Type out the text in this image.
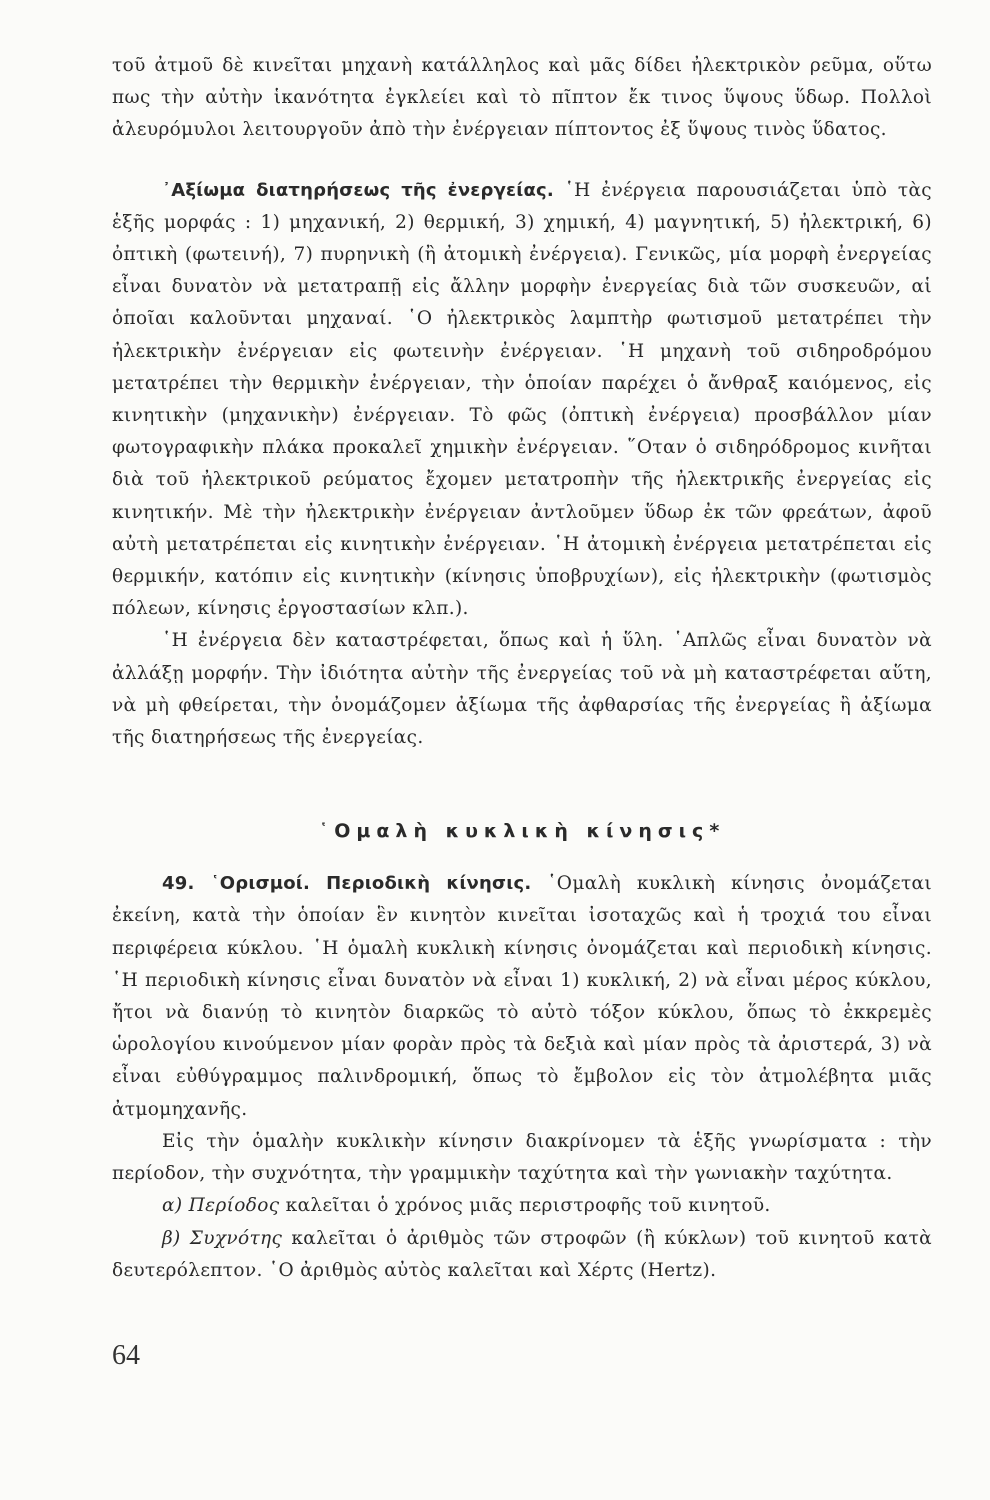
τοῦ ἀτμοῦ δὲ κινεῖται μηχανὴ κατάλληλος καὶ μᾶς δίδει ἠλεκτρικὸν ρεῦμα, οὕτω πως τὴν αὐτὴν ἱκανότητα ἐγκλείει καὶ τὸ πῖπτον ἔκ τινος ὕψους ὕδωρ. Πολλοὶ ἀλευρόμυλοι λειτουργοῦν ἀπὸ τὴν ἐνέργειαν πίπτοντος ἐξ ὕψους τινὸς ὕδατος.

᾿Αξίωμα διατηρήσεως τῆς ἐνεργείας. ῾Η ἐνέργεια παρουσιάζεται ὑπὸ τὰς ἑξῆς μορφάς : 1) μηχανική, 2) θερμική, 3) χημική, 4) μαγνητική, 5) ἠλεκτρική, 6) ὀπτικὴ (φωτεινή), 7) πυρηνικὴ (ἢ ἀτομικὴ ἐνέργεια). Γενικῶς, μία μορφὴ ἐνεργείας εἶναι δυνατὸν νὰ μετατραπῇ εἰς ἄλλην μορφὴν ἐνεργείας διὰ τῶν συσκευῶν, αἱ ὁποῖαι καλοῦνται μηχαναί. ῾Ο ἠλεκτρικὸς λαμπτὴρ φωτισμοῦ μετατρέπει τὴν ἠλεκτρικὴν ἐνέργειαν εἰς φωτεινὴν ἐνέργειαν. ῾Η μηχανὴ τοῦ σιδηροδρόμου μετατρέπει τὴν θερμικὴν ἐνέργειαν, τὴν ὁποίαν παρέχει ὁ ἄνθραξ καιόμενος, εἰς κινητικὴν (μηχανικὴν) ἐνέργειαν. Τὸ φῶς (ὀπτικὴ ἐνέργεια) προσβάλλον μίαν φωτογραφικὴν πλάκα προκαλεῖ χημικὴν ἐνέργειαν. ῞Οταν ὁ σιδηρόδρομος κινῆται διὰ τοῦ ἠλεκτρικοῦ ρεύματος ἔχομεν μετατροπὴν τῆς ἠλεκτρικῆς ἐνεργείας εἰς κινητικήν. Μὲ τὴν ἠλεκτρικὴν ἐνέργειαν ἀντλοῦμεν ὕδωρ ἐκ τῶν φρεάτων, ἀφοῦ αὐτὴ μετατρέπεται εἰς κινητικὴν ἐνέργειαν. ῾Η ἀτομικὴ ἐνέργεια μετατρέπεται εἰς θερμικήν, κατόπιν εἰς κινητικὴν (κίνησις ὑποβρυχίων), εἰς ἠλεκτρικὴν (φωτισμὸς πόλεων, κίνησις ἐργοστασίων κλπ.).

῾Η ἐνέργεια δὲν καταστρέφεται, ὅπως καὶ ἡ ὕλη. ῾Απλῶς εἶναι δυνατὸν νὰ ἀλλάξῃ μορφήν. Τὴν ἰδιότητα αὐτὴν τῆς ἐνεργείας τοῦ νὰ μὴ καταστρέφεται αὕτη, νὰ μὴ φθείρεται, τὴν ὀνομάζομεν ἀξίωμα τῆς ἀφθαρσίας τῆς ἐνεργείας ἢ ἀξίωμα τῆς διατηρήσεως τῆς ἐνεργείας.

῾Ομαλὴ κυκλικὴ κίνησις*

49. ῾Ορισμοί. Περιοδικὴ κίνησις. ῾Ομαλὴ κυκλικὴ κίνησις ὀνομάζεται ἐκείνη, κατὰ τὴν ὁποίαν ἓν κινητὸν κινεῖται ἰσοταχῶς καὶ ἡ τροχιά του εἶναι περιφέρεια κύκλου. ῾Η ὁμαλὴ κυκλικὴ κίνησις ὀνομάζεται καὶ περιοδικὴ κίνησις. ῾Η περιοδικὴ κίνησις εἶναι δυνατὸν νὰ εἶναι 1) κυκλική, 2) νὰ εἶναι μέρος κύκλου, ἤτοι νὰ διανύῃ τὸ κινητὸν διαρκῶς τὸ αὐτὸ τόξον κύκλου, ὅπως τὸ ἐκκρεμὲς ὡρολογίου κινούμενον μίαν φορὰν πρὸς τὰ δεξιὰ καὶ μίαν πρὸς τὰ ἀριστερά, 3) νὰ εἶναι εὐθύγραμμος παλινδρομική, ὅπως τὸ ἔμβολον εἰς τὸν ἀτμολέβητα μιᾶς ἀτμομηχανῆς.

Εἰς τὴν ὁμαλὴν κυκλικὴν κίνησιν διακρίνομεν τὰ ἑξῆς γνωρίσματα : τὴν περίοδον, τὴν συχνότητα, τὴν γραμμικὴν ταχύτητα καὶ τὴν γωνιακὴν ταχύτητα.

α) Περίοδος καλεῖται ὁ χρόνος μιᾶς περιστροφῆς τοῦ κινητοῦ.

β) Συχνότης καλεῖται ὁ ἀριθμὸς τῶν στροφῶν (ἢ κύκλων) τοῦ κινητοῦ κατὰ δευτερόλεπτον. ῾Ο ἀριθμὸς αὐτὸς καλεῖται καὶ Χέρτς (Hertz).

64
